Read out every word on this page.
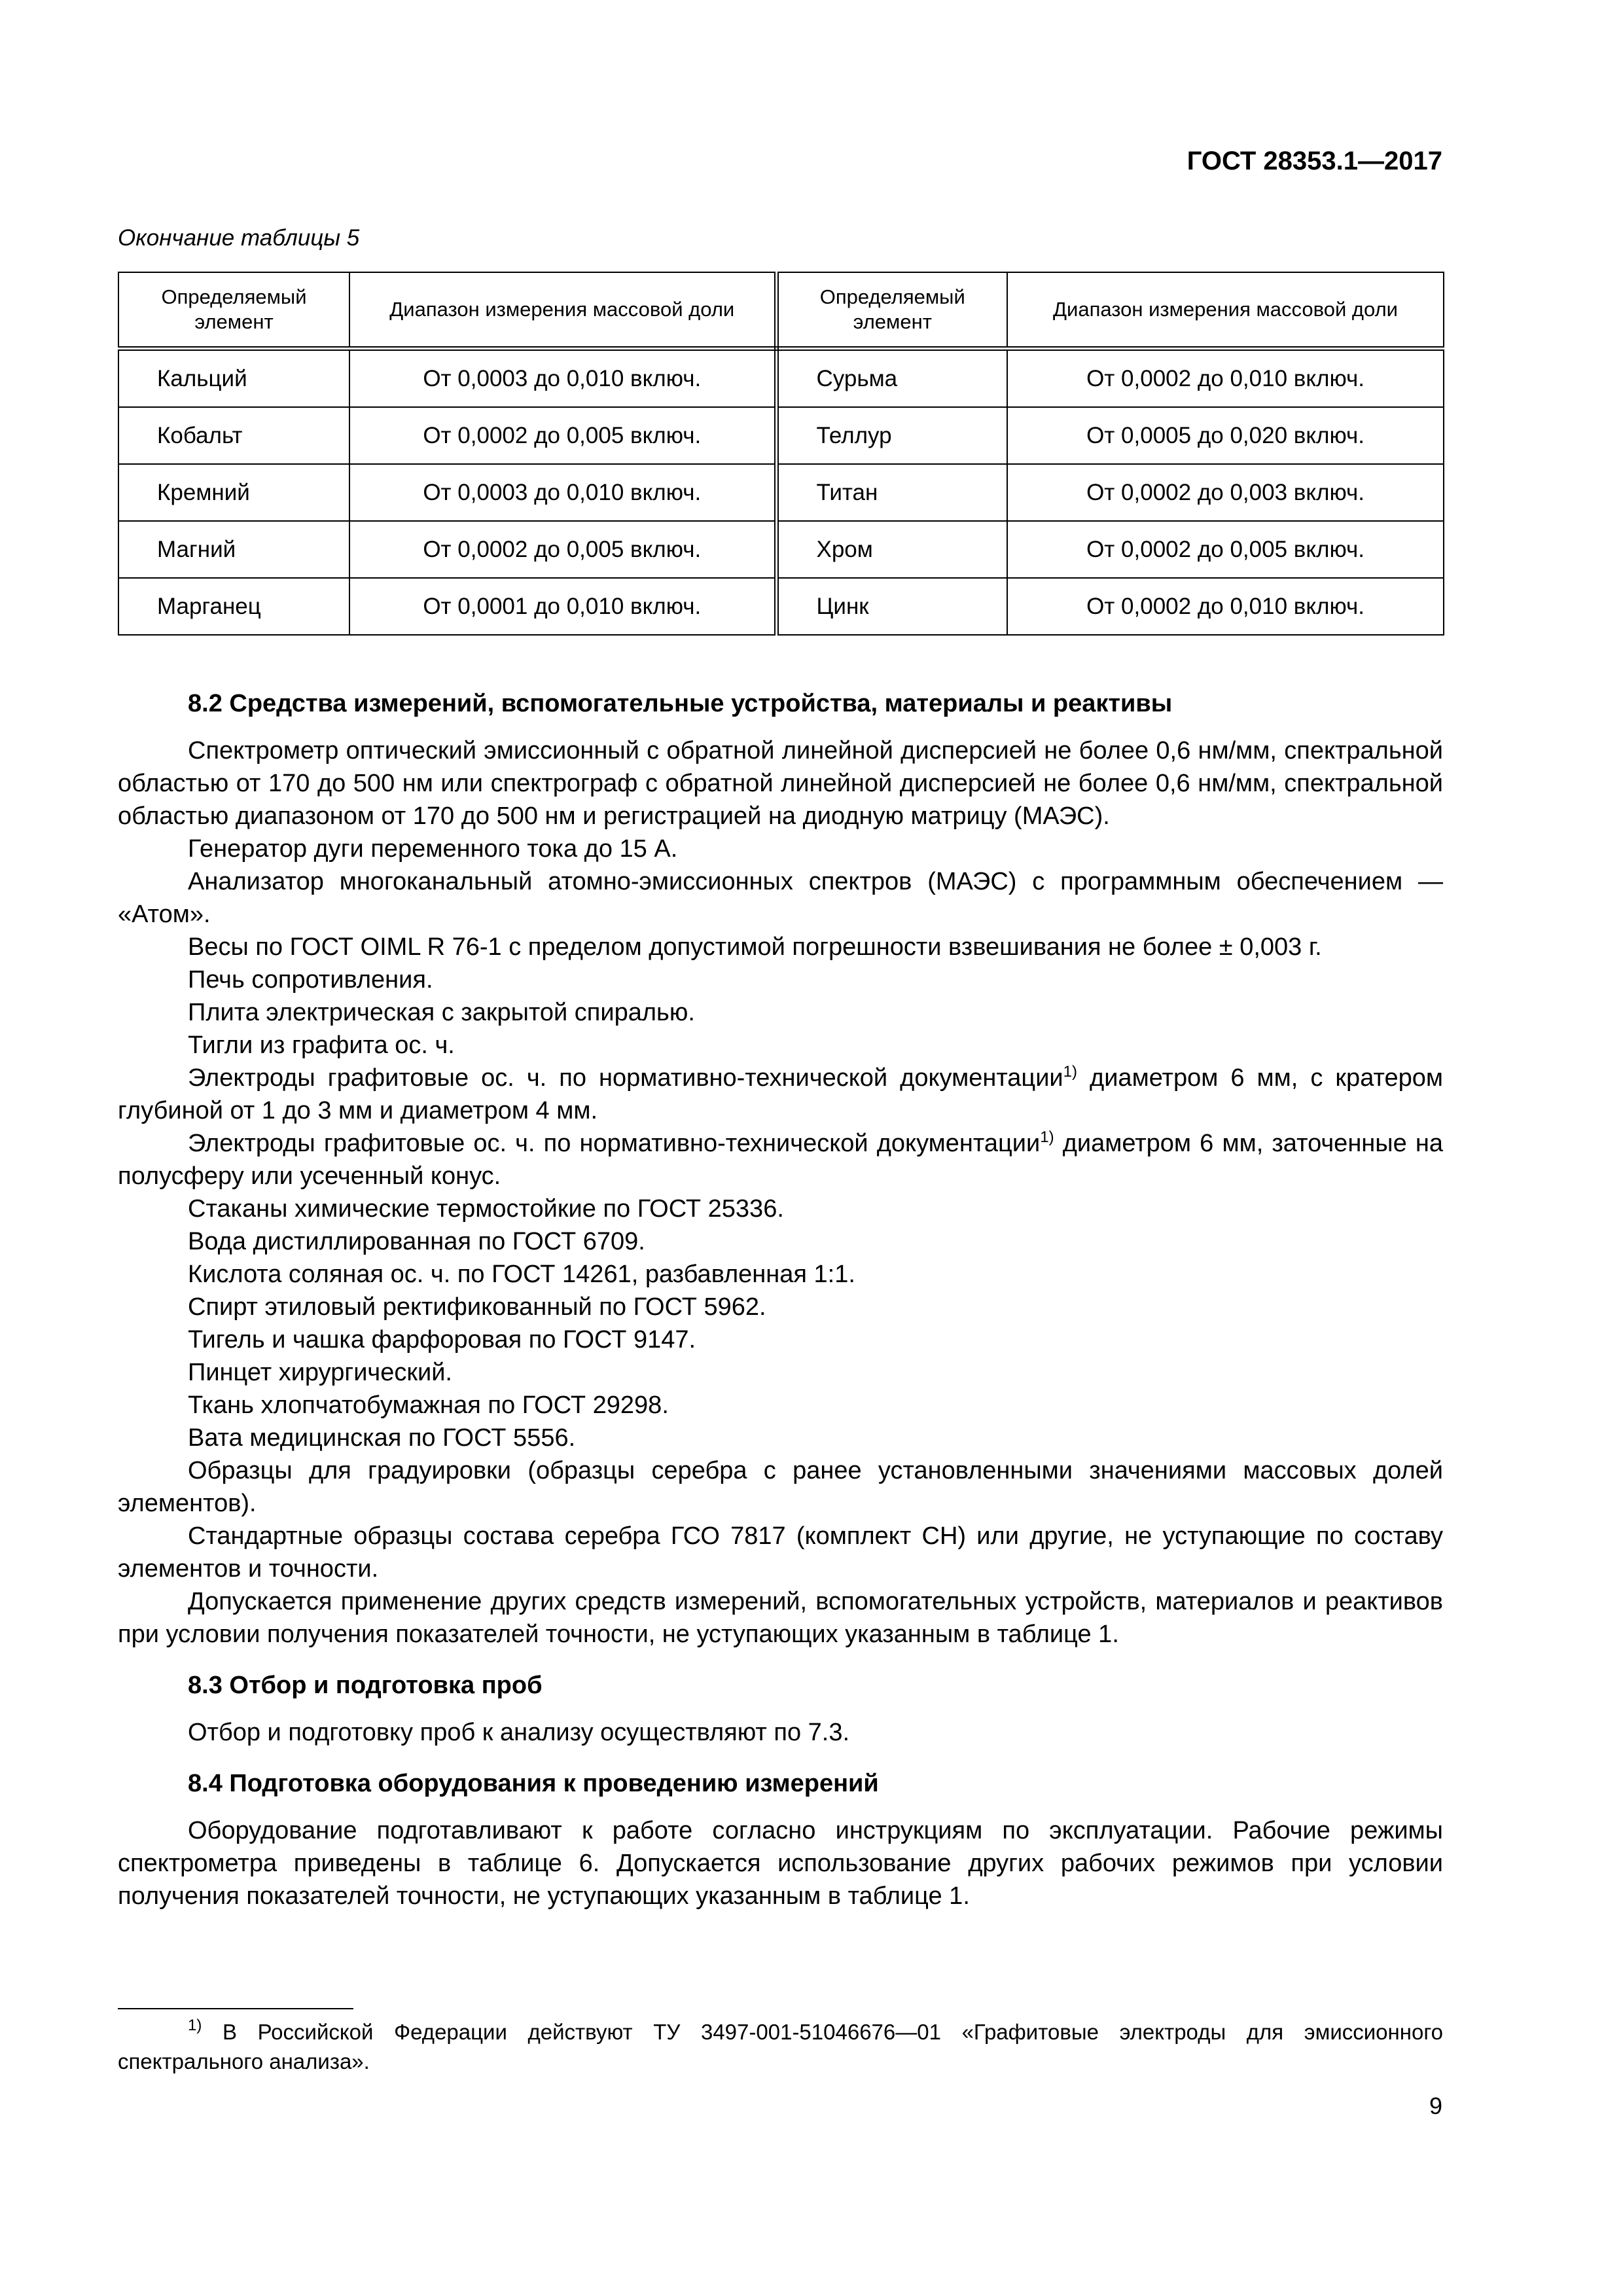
ГОСТ 28353.1—2017
Окончание таблицы 5
Определяемый элемент	Диапазон измерения массовой доли	Определяемый элемент	Диапазон измерения массовой доли
Кальций	От 0,0003 до 0,010 включ.	Сурьма	От 0,0002 до 0,010 включ.
Кобальт	От 0,0002 до 0,005 включ.	Теллур	От 0,0005 до 0,020 включ.
Кремний	От 0,0003 до 0,010 включ.	Титан	От 0,0002 до 0,003 включ.
Магний	От 0,0002 до 0,005 включ.	Хром	От 0,0002 до 0,005 включ.
Марганец	От 0,0001 до 0,010 включ.	Цинк	От 0,0002 до 0,010 включ.
8.2 Средства измерений, вспомогательные устройства, материалы и реактивы

Спектрометр оптический эмиссионный с обратной линейной дисперсией не более 0,6 нм/мм, спектральной областью от 170 до 500 нм или спектрограф с обратной линейной дисперсией не более 0,6 нм/мм, спектральной областью диапазоном от 170 до 500 нм и регистрацией на диодную матрицу (МАЭС).

Генератор дуги переменного тока до 15 А.

Анализатор многоканальный атомно-эмиссионных спектров (МАЭС) с программным обеспечением — «Атом».

Весы по ГОСТ OIML R 76-1 с пределом допустимой погрешности взвешивания не более ± 0,003 г.

Печь сопротивления.

Плита электрическая с закрытой спиралью.

Тигли из графита ос. ч.

Электроды графитовые ос. ч. по нормативно-технической документации$^{1)}$ диаметром 6 мм, с кратером глубиной от 1 до 3 мм и диаметром 4 мм.

Электроды графитовые ос. ч. по нормативно-технической документации$^{1)}$ диаметром 6 мм, заточенные на полусферу или усеченный конус.

Стаканы химические термостойкие по ГОСТ 25336.

Вода дистиллированная по ГОСТ 6709.

Кислота соляная ос. ч. по ГОСТ 14261, разбавленная 1:1.

Спирт этиловый ректификованный по ГОСТ 5962.

Тигель и чашка фарфоровая по ГОСТ 9147.

Пинцет хирургический.

Ткань хлопчатобумажная по ГОСТ 29298.

Вата медицинская по ГОСТ 5556.

Образцы для градуировки (образцы серебра с ранее установленными значениями массовых долей элементов).

Стандартные образцы состава серебра ГСО 7817 (комплект СН) или другие, не уступающие по составу элементов и точности.

Допускается применение других средств измерений, вспомогательных устройств, материалов и реактивов при условии получения показателей точности, не уступающих указанным в таблице 1.

8.3 Отбор и подготовка проб

Отбор и подготовку проб к анализу осуществляют по 7.3.

8.4 Подготовка оборудования к проведению измерений

Оборудование подготавливают к работе согласно инструкциям по эксплуатации. Рабочие режимы спектрометра приведены в таблице 6. Допускается использование других рабочих режимов при условии получения показателей точности, не уступающих указанным в таблице 1.

$^{1)}$ В Российской Федерации действуют ТУ 3497-001-51046676—01 «Графитовые электроды для эмиссионного спектрального анализа».
9
